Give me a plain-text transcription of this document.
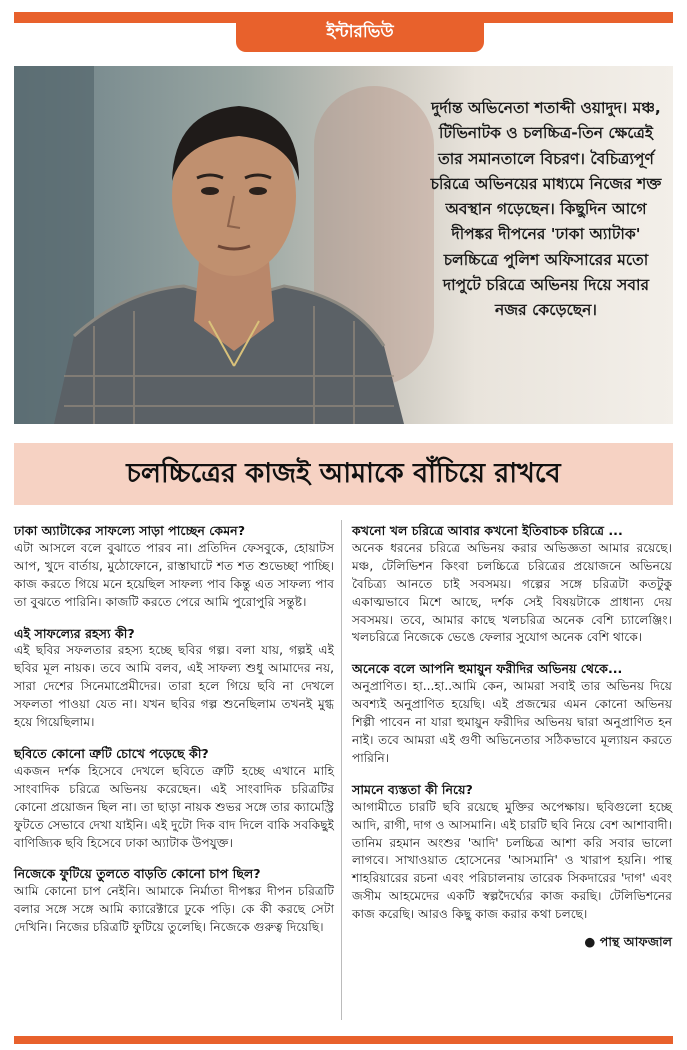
ইন্টারভিউ
দুর্দান্ত অভিনেতা শতাব্দী ওয়াদুদ। মঞ্চ, টিভিনাটক ও চলচ্চিত্র-তিন ক্ষেত্রেই তার সমানতালে বিচরণ। বৈচিত্র্যপূর্ণ চরিত্রে অভিনয়ের মাধ্যমে নিজের শক্ত অবস্থান গড়েছেন। কিছুদিন আগে দীপঙ্কর দীপনের 'ঢাকা অ্যাটাক' চলচ্চিত্রে পুলিশ অফিসারের মতো দাপুটে চরিত্রে অভিনয় দিয়ে সবার নজর কেড়েছেন।
চলচ্চিত্রের কাজই আমাকে বাঁচিয়ে রাখবে

ঢাকা অ্যাটাকের সাফল্যে সাড়া পাচ্ছেন কেমন?

এটা আসলে বলে বুঝাতে পারব না। প্রতিদিন ফেসবুকে, হোয়াটস আপ, খুদে বার্তায়, মুঠোফোনে, রাস্তাঘাটে শত শত শুভেচ্ছা পাচ্ছি। কাজ করতে গিয়ে মনে হয়েছিল সাফল্য পাব কিন্তু এত সাফল্য পাব তা বুঝতে পারিনি। কাজটি করতে পেরে আমি পুরোপুরি সন্তুষ্ট।

এই সাফল্যের রহস্য কী?

এই ছবির সফলতার রহস্য হচ্ছে ছবির গল্প। বলা যায়, গল্পই এই ছবির মূল নায়ক। তবে আমি বলব, এই সাফল্য শুধু আমাদের নয়, সারা দেশের সিনেমাপ্রেমীদের। তারা হলে গিয়ে ছবি না দেখলে সফলতা পাওয়া যেত না। যখন ছবির গল্প শুনেছিলাম তখনই মুগ্ধ হয়ে গিয়েছিলাম।

ছবিতে কোনো ত্রুটি চোখে পড়েছে কী?

একজন দর্শক হিসেবে দেখলে ছবিতে ত্রুটি হচ্ছে এখানে মাহি সাংবাদিক চরিত্রে অভিনয় করেছেন। এই সাংবাদিক চরিত্রটির কোনো প্রয়োজন ছিল না। তা ছাড়া নায়ক শুভর সঙ্গে তার ক্যামেস্ট্রি ফুটতে সেভাবে দেখা যাইনি। এই দুটো দিক বাদ দিলে বাকি সবকিছুই বাণিজ্যিক ছবি হিসেবে ঢাকা অ্যাটাক উপযুক্ত।

নিজেকে ফুটিয়ে তুলতে বাড়তি কোনো চাপ ছিল?

আমি কোনো চাপ নেইনি। আমাকে নির্মাতা দীপঙ্কর দীপন চরিত্রটি বলার সঙ্গে সঙ্গে আমি ক্যারেক্টারে ঢুকে পড়ি। কে কী করছে সেটা দেখিনি। নিজের চরিত্রটি ফুটিয়ে তুলেছি। নিজেকে গুরুত্ব দিয়েছি।

কখনো খল চরিত্রে আবার কখনো ইতিবাচক চরিত্রে ...

অনেক ধরনের চরিত্রে অভিনয় করার অভিজ্ঞতা আমার রয়েছে। মঞ্চ, টেলিভিশন কিংবা চলচ্চিত্রে চরিত্রের প্রয়োজনে অভিনয়ে বৈচিত্র্য আনতে চাই সবসময়। গল্পের সঙ্গে চরিত্রটা কতটুকু একাত্মভাবে মিশে আছে, দর্শক সেই বিষয়টাকে প্রাধান্য দেয় সবসময়। তবে, আমার কাছে খলচরিত্র অনেক বেশি চ্যালেঞ্জিং। খলচরিত্রে নিজেকে ভেঙে ফেলার সুযোগ অনেক বেশি থাকে।

অনেকে বলে আপনি হুমায়ুন ফরীদির অভিনয় থেকে...

অনুপ্রাণিত। হা...হা..আমি কেন, আমরা সবাই তার অভিনয় দিয়ে অবশ্যই অনুপ্রাণিত হয়েছি। এই প্রজন্মের এমন কোনো অভিনয় শিল্পী পাবেন না যারা হুমায়ুন ফরীদির অভিনয় দ্বারা অনুপ্রাণিত হন নাই। তবে আমরা এই গুণী অভিনেতার সঠিকভাবে মূল্যায়ন করতে পারিনি।

সামনে ব্যস্ততা কী নিয়ে?

আগামীতে চারটি ছবি রয়েছে মুক্তির অপেক্ষায়। ছবিগুলো হচ্ছে আদি, রাগী, দাগ ও আসমানি। এই চারটি ছবি নিয়ে বেশ আশাবাদী। তানিম রহমান অংশুর 'আদি' চলচ্চিত্র আশা করি সবার ভালো লাগবে। সাখাওয়াত হোসেনের 'আসমানি' ও খারাপ হয়নি। পান্থ শাহরিয়ারের রচনা এবং পরিচালনায় তারেক সিকদারের 'দাগ' এবং জসীম আহমেদের একটি স্বল্পদৈর্ঘ্যের কাজ করছি। টেলিভিশনের কাজ করেছি। আরও কিছু কাজ করার কথা চলছে।

● পান্থ আফজাল
